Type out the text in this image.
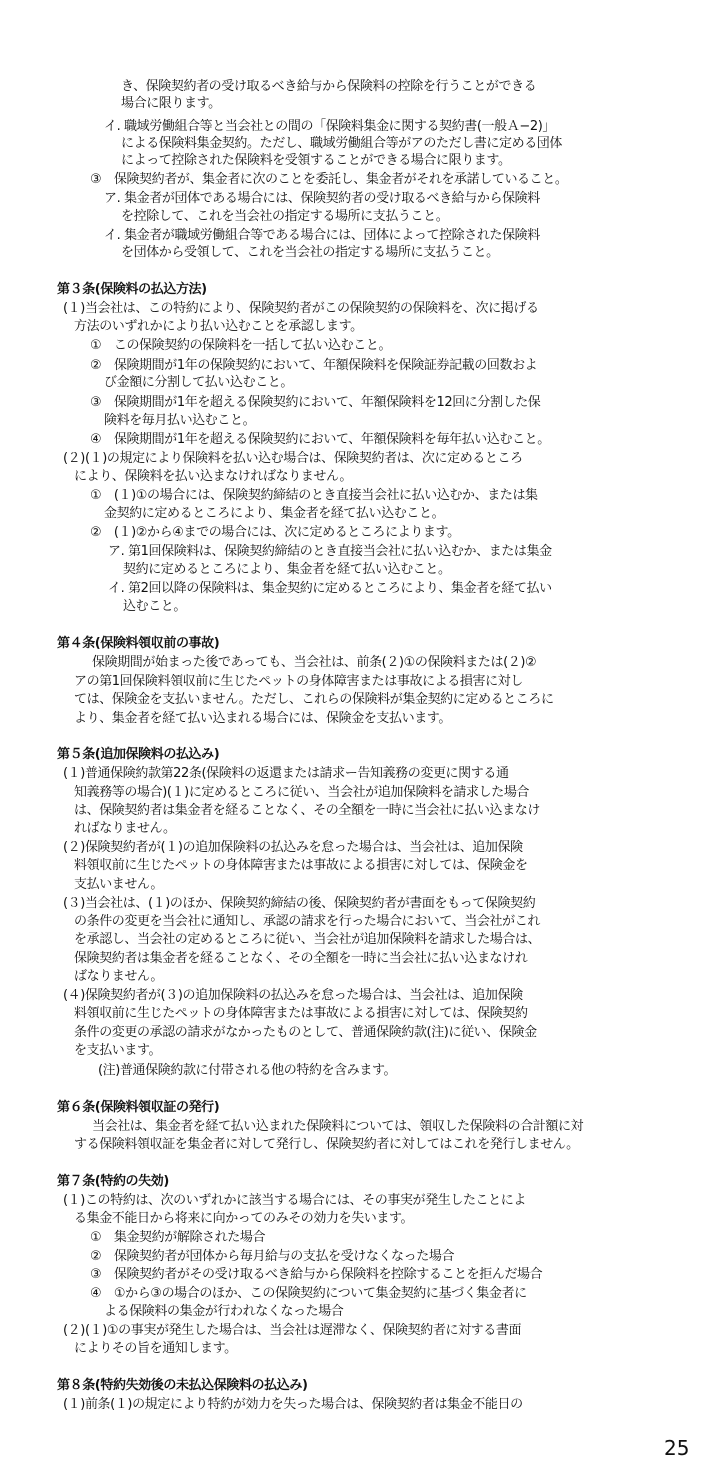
き、保険契約者の受け取るべき給与から保険料の控除を行うことができる
場合に限ります。
イ. 職域労働組合等と当会社との間の「保険料集金に関する契約書(一般Ａ−2)」
による保険料集金契約。ただし、職域労働組合等がアのただし書に定める団体
によって控除された保険料を受領することができる場合に限ります。
③　保険契約者が、集金者に次のことを委託し、集金者がそれを承諾していること。
ア. 集金者が団体である場合には、保険契約者の受け取るべき給与から保険料
を控除して、これを当会社の指定する場所に支払うこと。
イ. 集金者が職域労働組合等である場合には、団体によって控除された保険料
を団体から受領して、これを当会社の指定する場所に支払うこと。
第３条(保険料の払込方法)
(１)当会社は、この特約により、保険契約者がこの保険契約の保険料を、次に掲げる
方法のいずれかにより払い込むことを承認します。
①　この保険契約の保険料を一括して払い込むこと。
②　保険期間が1年の保険契約において、年額保険料を保険証券記載の回数およ
び金額に分割して払い込むこと。
③　保険期間が1年を超える保険契約において、年額保険料を12回に分割した保
険料を毎月払い込むこと。
④　保険期間が1年を超える保険契約において、年額保険料を毎年払い込むこと。
(２)(１)の規定により保険料を払い込む場合は、保険契約者は、次に定めるところ
により、保険料を払い込まなければなりません。
①　(１)①の場合には、保険契約締結のとき直接当会社に払い込むか、または集
金契約に定めるところにより、集金者を経て払い込むこと。
②　(１)②から④までの場合には、次に定めるところによります。
ア. 第1回保険料は、保険契約締結のとき直接当会社に払い込むか、または集金
契約に定めるところにより、集金者を経て払い込むこと。
イ. 第2回以降の保険料は、集金契約に定めるところにより、集金者を経て払い
込むこと。
第４条(保険料領収前の事故)
保険期間が始まった後であっても、当会社は、前条(２)①の保険料または(２)②
アの第1回保険料領収前に生じたペットの身体障害または事故による損害に対し
ては、保険金を支払いません。ただし、これらの保険料が集金契約に定めるところに
より、集金者を経て払い込まれる場合には、保険金を支払います。
第５条(追加保険料の払込み)
(１)普通保険約款第22条(保険料の返還または請求ー告知義務の変更に関する通
知義務等の場合)(１)に定めるところに従い、当会社が追加保険料を請求した場合
は、保険契約者は集金者を経ることなく、その全額を一時に当会社に払い込まなけ
ればなりません。
(２)保険契約者が(１)の追加保険料の払込みを怠った場合は、当会社は、追加保険
料領収前に生じたペットの身体障害または事故による損害に対しては、保険金を
支払いません。
(３)当会社は、(１)のほか、保険契約締結の後、保険契約者が書面をもって保険契約
の条件の変更を当会社に通知し、承認の請求を行った場合において、当会社がこれ
を承認し、当会社の定めるところに従い、当会社が追加保険料を請求した場合は、
保険契約者は集金者を経ることなく、その全額を一時に当会社に払い込まなけれ
ばなりません。
(４)保険契約者が(３)の追加保険料の払込みを怠った場合は、当会社は、追加保険
料領収前に生じたペットの身体障害または事故による損害に対しては、保険契約
条件の変更の承認の請求がなかったものとして、普通保険約款(注)に従い、保険金
を支払います。
(注)普通保険約款に付帯される他の特約を含みます。
第６条(保険料領収証の発行)
当会社は、集金者を経て払い込まれた保険料については、領収した保険料の合計額に対
する保険料領収証を集金者に対して発行し、保険契約者に対してはこれを発行しません。
第７条(特約の失効)
(１)この特約は、次のいずれかに該当する場合には、その事実が発生したことによ
る集金不能日から将来に向かってのみその効力を失います。
①　集金契約が解除された場合
②　保険契約者が団体から毎月給与の支払を受けなくなった場合
③　保険契約者がその受け取るべき給与から保険料を控除することを拒んだ場合
④　①から③の場合のほか、この保険契約について集金契約に基づく集金者に
よる保険料の集金が行われなくなった場合
(２)(１)①の事実が発生した場合は、当会社は遅滞なく、保険契約者に対する書面
によりその旨を通知します。
第８条(特約失効後の未払込保険料の払込み)
(１)前条(１)の規定により特約が効力を失った場合は、保険契約者は集金不能日の
25
